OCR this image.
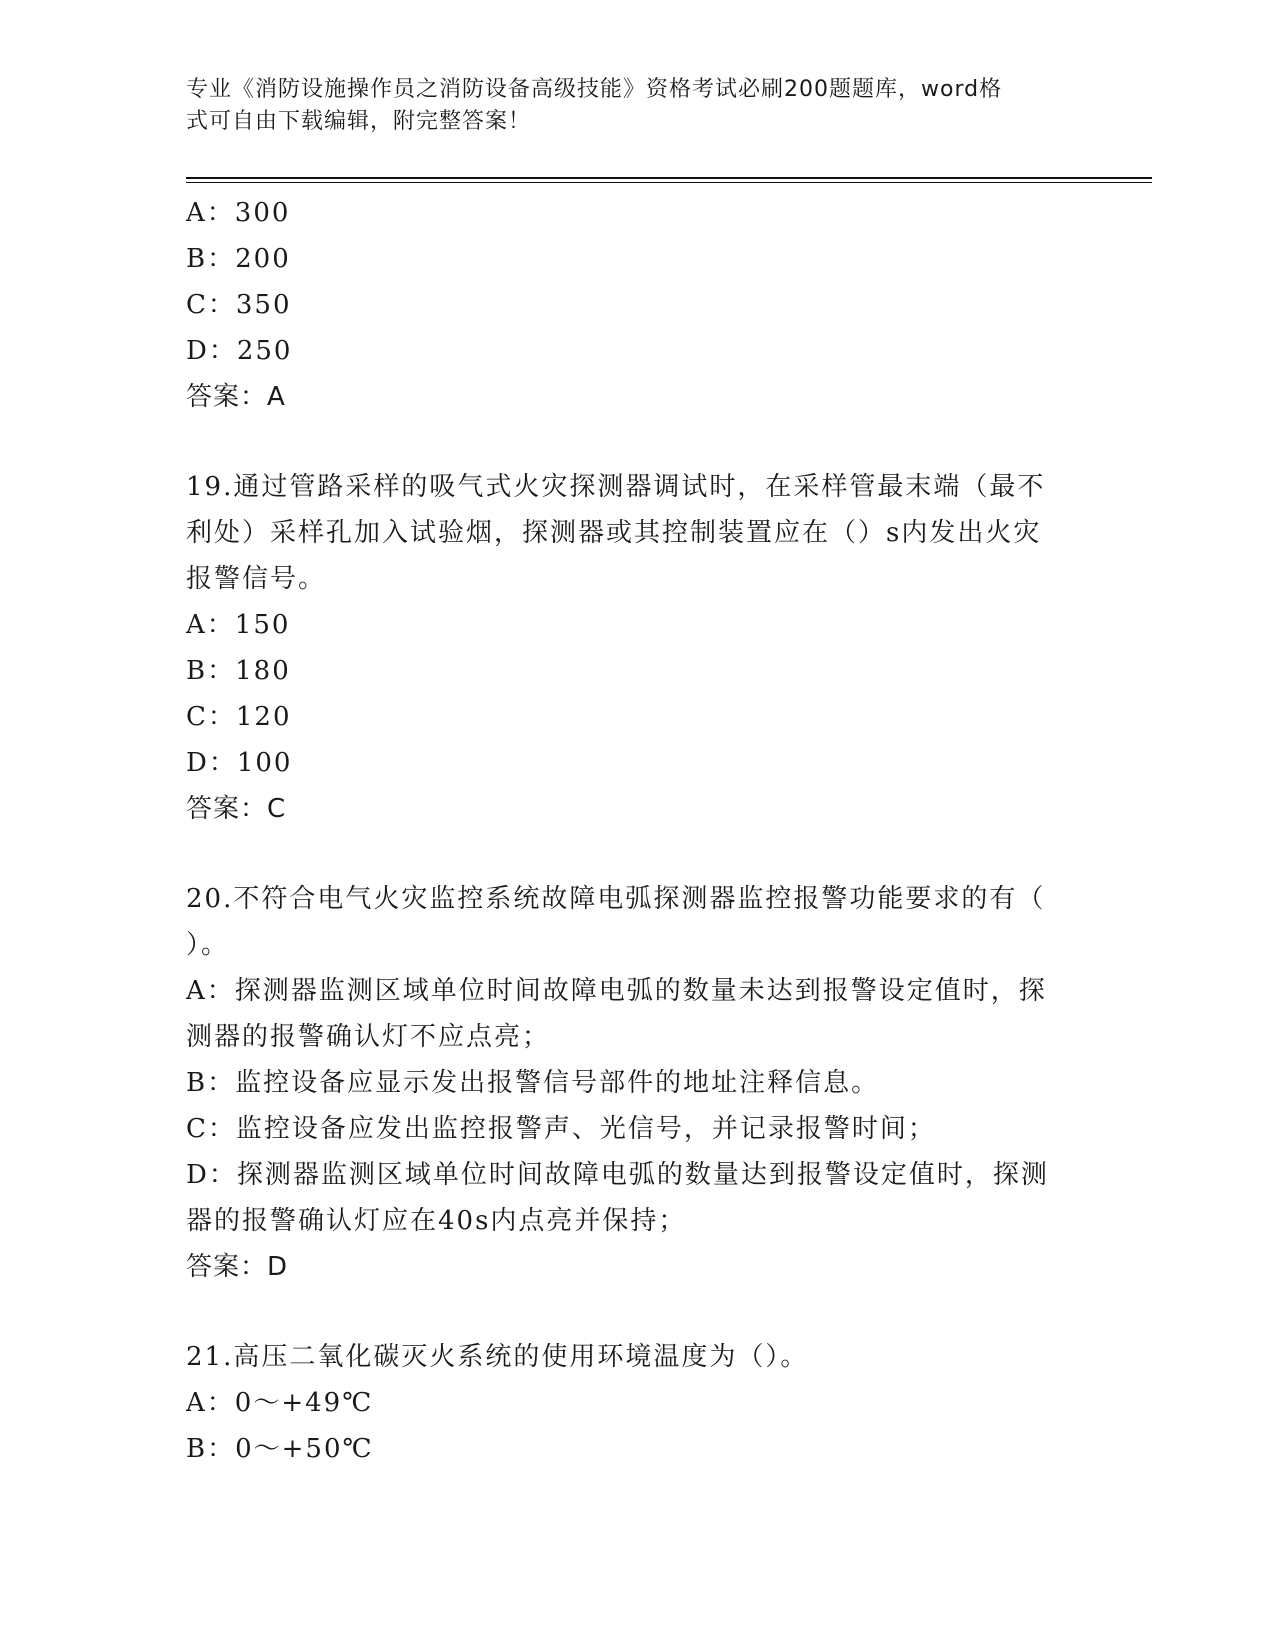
专业《消防设施操作员之消防设备高级技能》资格考试必刷200题题库，word格
式可自由下载编辑，附完整答案！
A：300
B：200
C：350
D：250
答案：A
19.通过管路采样的吸气式火灾探测器调试时，在采样管最末端（最不
利处）采样孔加入试验烟，探测器或其控制装置应在（）s内发出火灾
报警信号。
A：150
B：180
C：120
D：100
答案：C
20.不符合电气火灾监控系统故障电弧探测器监控报警功能要求的有（
）。
A：探测器监测区域单位时间故障电弧的数量未达到报警设定值时，探
测器的报警确认灯不应点亮；
B：监控设备应显示发出报警信号部件的地址注释信息。
C：监控设备应发出监控报警声、光信号，并记录报警时间；
D：探测器监测区域单位时间故障电弧的数量达到报警设定值时，探测
器的报警确认灯应在40s内点亮并保持；
答案：D
21.高压二氧化碳灭火系统的使用环境温度为（）。
A：0～+49℃
B：0～+50℃
